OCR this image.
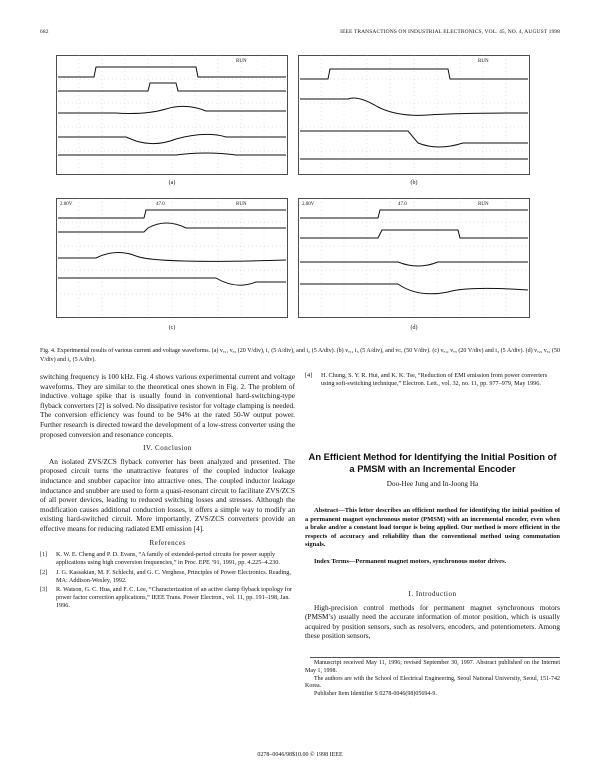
682	IEEE TRANSACTIONS ON INDUSTRIAL ELECTRONICS, VOL. 45, NO. 4, AUGUST 1998
RUN
(a)
RUN
(b)
2.00V	47.0	RUN
(c)
2.00V	47.0	RUN
(d)
Fig. 4. Experimental results of various current and voltage waveforms. (a) vₑ₁, vₑ₂ (20 V/div), i₁ (5 A/div), and i₂ (5 A/div). (b) vₑ₁, i₃ (5 A/div), and vᴄᵣ (50 V/div). (c) vₑ₁, vₑ₃ (20 V/div) and i₃ (5 A/div). (d) vₑ₂, vₑ₂ (50 V/div) and i₂ (5 A/div).

switching frequency is 100 kHz. Fig. 4 shows various experimental current and voltage waveforms. They are similar to the theoretical ones shown in Fig. 2. The problem of inductive voltage spike that is usually found in conventional hard-switching-type flyback converters [2] is solved. No dissipative resistor for voltage clamping is needed. The conversion efficiency was found to be 94% at the rated 50-W output power. Further research is directed toward the development of a low-stress converter using the proposed conversion and resonance concepts.

IV. Conclusion

An isolated ZVS/ZCS flyback converter has been analyzed and presented. The proposed circuit turns the unattractive features of the coupled inductor leakage inductance and snubber capacitor into attractive ones. The coupled inductor leakage inductance and snubber are used to form a quasi-resonant circuit to facilitate ZVS/ZCS of all power devices, leading to reduced switching losses and stresses. Although the modification causes additional conduction losses, it offers a simple way to modify an existing hard-switched circuit. More importantly, ZVS/ZCS converters provide an effective means for reducing radiated EMI emission [4].

References
[1]	K. W. E. Cheng and P. D. Evans, “A family of extended-period circuits for power supply applications using high conversion frequencies,” in Proc. EPE ’91, 1991, pp. 4.225–4.230.
[2]	J. G. Kassakian, M. F. Schlecht, and G. C. Verghese, Principles of Power Electronics. Reading, MA: Addison-Wesley, 1992.
[3]	R. Watson, G. C. Hua, and F. C. Lee, “Characterization of an active clamp flyback topology for power factor correction applications,” IEEE Trans. Power Electron., vol. 11, pp. 191–198, Jan. 1996.
[4]	H. Chung, S. Y. R. Hui, and K. K. Tse, “Reduction of EMI emission from power converters using soft-switching technique,” Electron. Lett., vol. 32, no. 11, pp. 977–979, May 1996.
An Efficient Method for Identifying the Initial Position of a PMSM with an Incremental Encoder
Doo-Hee Jung and In-Joong Ha
Abstract—This letter describes an efficient method for identifying the initial position of a permanent magnet synchronous motor (PMSM) with an incremental encoder, even when a brake and/or a constant load torque is being applied. Our method is more efficient in the respects of accuracy and reliability than the conventional method using commutation signals.
Index Terms—Permanent magnet motors, synchronous motor drives.
I. Introduction

High-precision control methods for permanent magnet synchronous motors (PMSM’s) usually need the accurate information of motor position, which is usually acquired by position sensors, such as resolvers, encoders, and potentiometers. Among these position sensors,

Manuscript received May 11, 1996; revised September 30, 1997. Abstract published on the Internet May 1, 1998.

The authors are with the School of Electrical Engineering, Seoul National University, Seoul, 151-742 Korea.

Publisher Item Identifier S 0278-0046(98)05694-9.

0278–0046/98$10.00 © 1998 IEEE
